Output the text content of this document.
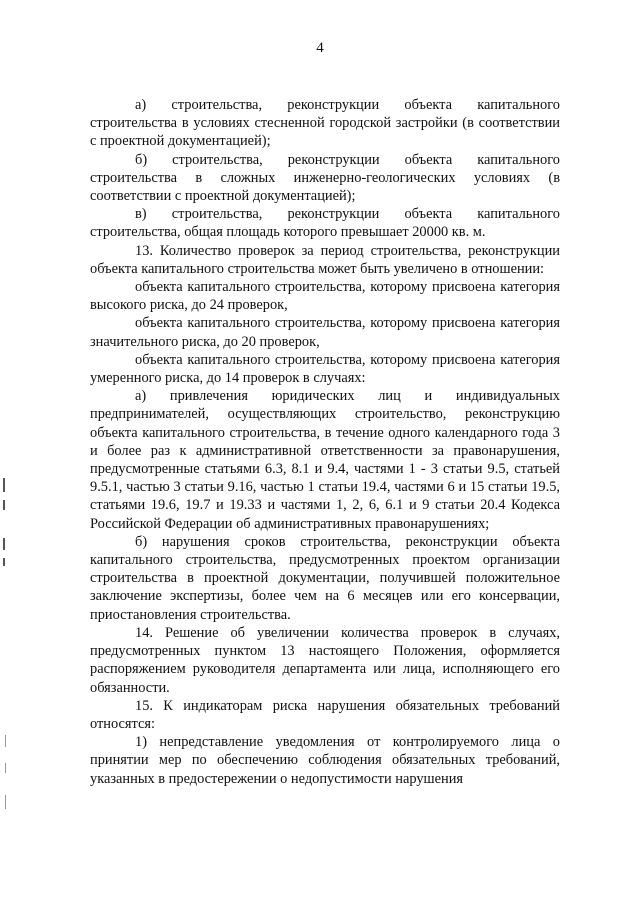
4

а) строительства, реконструкции объекта капитального строительства в условиях стесненной городской застройки (в соответствии с проектной документацией);

б) строительства, реконструкции объекта капитального строительства в сложных инженерно-геологических условиях (в соответствии с проектной документацией);

в) строительства, реконструкции объекта капитального строительства, общая площадь которого превышает 20000 кв. м.

13. Количество проверок за период строительства, реконструкции объекта капитального строительства может быть увеличено в отношении:

объекта капитального строительства, которому присвоена категория высокого риска, до 24 проверок,

объекта капитального строительства, которому присвоена категория значительного риска, до 20 проверок,

объекта капитального строительства, которому присвоена категория умеренного риска, до 14 проверок в случаях:

а) привлечения юридических лиц и индивидуальных предпринимателей, осуществляющих строительство, реконструкцию объекта капитального строительства, в течение одного календарного года 3 и более раз к административной ответственности за правонарушения, предусмотренные статьями 6.3, 8.1 и 9.4, частями 1 - 3 статьи 9.5, статьей 9.5.1, частью 3 статьи 9.16, частью 1 статьи 19.4, частями 6 и 15 статьи 19.5, статьями 19.6, 19.7 и 19.33 и частями 1, 2, 6, 6.1 и 9 статьи 20.4 Кодекса Российской Федерации об административных правонарушениях;

б) нарушения сроков строительства, реконструкции объекта капитального строительства, предусмотренных проектом организации строительства в проектной документации, получившей положительное заключение экспертизы, более чем на 6 месяцев или его консервации, приостановления строительства.

14. Решение об увеличении количества проверок в случаях, предусмотренных пунктом 13 настоящего Положения, оформляется распоряжением руководителя департамента или лица, исполняющего его обязанности.

15. К индикаторам риска нарушения обязательных требований относятся:

1) непредставление уведомления от контролируемого лица о принятии мер по обеспечению соблюдения обязательных требований, указанных в предостережении о недопустимости нарушения
